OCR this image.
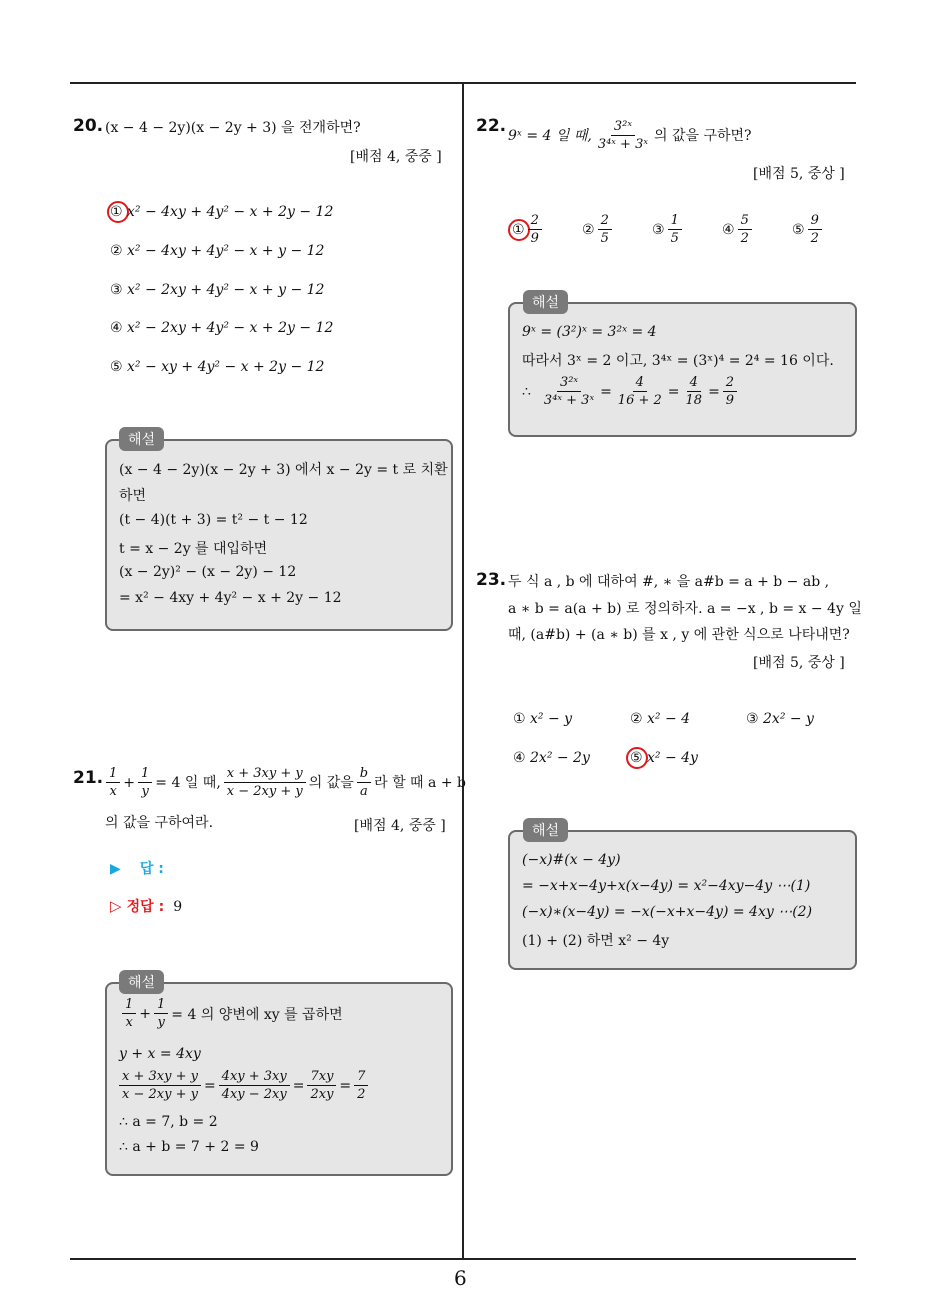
6
20. (x − 4 − 2y)(x − 2y + 3) 을 전개하면?
[배점 4, 중중 ]
① x² − 4xy + 4y² − x + 2y − 12
② x² − 4xy + 4y² − x + y − 12
③ x² − 2xy + 4y² − x + y − 12
④ x² − 2xy + 4y² − x + 2y − 12
⑤ x² − xy + 4y² − x + 2y − 12
(x − 4 − 2y)(x − 2y + 3) 에서 x − 2y = t 로 치환
하면
(t − 4)(t + 3) = t² − t − 12
t = x − 2y 를 대입하면
(x − 2y)² − (x − 2y) − 12
= x² − 4xy + 4y² − x + 2y − 12
해설
21. $\frac{1}{x} + \frac{1}{y} = 4$ 일 때, $\frac{x + 3xy + y}{x - 2xy + y}$ 의 값을 $\frac{b}{a}$ 라 할 때 a + b
의 값을 구하여라.	[배점 4, 중중 ]
▶ 답 :
▷ 정답 : 9
$\frac{1}{x} + \frac{1}{y} = 4$ 의 양변에 xy 를 곱하면
y + x = 4xy
$\frac{x + 3xy + y}{x - 2xy + y} = \frac{4xy + 3xy}{4xy - 2xy} = \frac{7xy}{2xy} = \frac{7}{2}$
∴ a = 7, b = 2
∴ a + b = 7 + 2 = 9
해설
22. 9ˣ = 4 일 때, $\frac{\text{3²ˣ}}{\text{3⁴ˣ + 3ˣ}}$ 의 값을 구하면?
[배점 5, 중상 ]
① $\frac{2}{9}$	② $\frac{2}{5}$	③ $\frac{1}{5}$	④ $\frac{5}{2}$	⑤ $\frac{9}{2}$
9ˣ = (3²)ˣ = 3²ˣ = 4
따라서 3ˣ = 2 이고, 3⁴ˣ = (3ˣ)⁴ = 2⁴ = 16 이다.
∴ $\frac{\text{3²ˣ}}{\text{3⁴ˣ + 3ˣ}} = \frac{4}{16 + 2} = \frac{4}{18} = \frac{2}{9}$
해설
23. 두 식 a , b 에 대하여 #, ∗ 을 a#b = a + b − ab ,
a ∗ b = a(a + b) 로 정의하자. a = −x , b = x − 4y 일
때, (a#b) + (a ∗ b) 를 x , y 에 관한 식으로 나타내면?
[배점 5, 중상 ]
① x² − y	② x² − 4	③ 2x² − y
④ 2x² − 2y	⑤ x² − 4y
(−x)#(x − 4y)
= −x+x−4y+x(x−4y) = x²−4xy−4y ⋯(1)
(−x)∗(x−4y) = −x(−x+x−4y) = 4xy ⋯(2)
(1) + (2) 하면 x² − 4y
해설
